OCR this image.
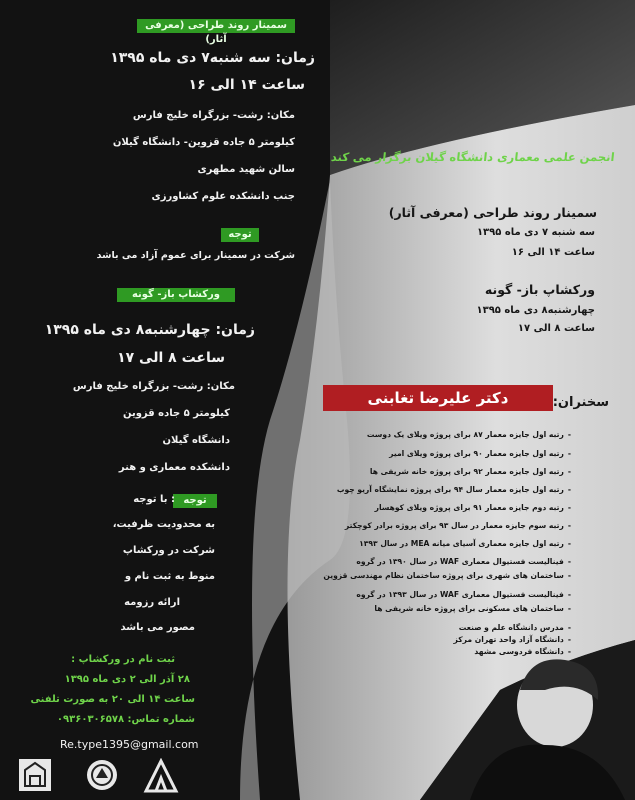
سمینار روند طراحی (معرفی آثار)
زمان: سه شنبه۷ دی ماه ۱۳۹۵
ساعت ۱۴ الی ۱۶
مکان: رشت- بزرگراه خلیج فارس
کیلومتر ۵ جاده قزوین- دانشگاه گیلان
سالن شهید مطهری
جنب دانشکده علوم کشاورزی
توجه
شرکت در سمینار برای عموم آزاد می باشد
ورکشاپ باز- گونه
زمان: چهارشنبه۸ دی ماه ۱۳۹۵
ساعت ۸ الی ۱۷
مکان: رشت- بزرگراه خلیج فارس
کیلومتر ۵ جاده قزوین
دانشگاه گیلان
دانشکده معماری و هنر
توجه
: با توجه
به محدودیت ظرفیت،
شرکت در ورکشاپ
منوط به ثبت نام و
ارائه رزومه
مصور می باشد
ثبت نام در ورکشاپ :
۲۸ آذر الی ۲ دی ماه ۱۳۹۵
ساعت ۱۴ الی ۲۰ به صورت تلفنی
شماره تماس: ۰۹۳۶۰۳۰۶۵۷۸
Re.type1395@gmail.com
انجمن علمی معماری دانشگاه گیلان برگزار می کند
سمینار روند طراحی (معرفی آثار)
سه شنبه ۷ دی ماه ۱۳۹۵
ساعت ۱۴ الی ۱۶
ورکشاپ باز- گونه
چهارشنبه۸ دی ماه ۱۳۹۵
ساعت ۸ الی ۱۷
سخنران:
دکتر علیرضا تغابنی
- رتبه اول جایزه معمار ۸۷ برای پروژه ویلای یک دوست
- رتبه اول جایزه معمار ۹۰ برای پروژه ویلای امیر
- رتبه اول جایزه معمار ۹۲ برای پروژه خانه شریفی ها
- رتبه اول جایزه معمار سال ۹۴ برای پروژه نمایشگاه آریو چوب
- رتبه دوم جایزه معمار ۹۱ برای پروژه ویلای کوهسار
- رتبه سوم جایزه معمار در سال ۹۳ برای پروژه برادر کوچکتر
- رتبه اول جایزه معماری آسیای میانه MEA در سال ۱۳۹۳
- فینالیست فستیوال معماری WAF در سال ۱۳۹۰ در گروه
- ساختمان های شهری برای پروژه ساختمان نظام مهندسی قزوین
- فینالیست فستیوال معماری WAF در سال ۱۳۹۳ در گروه
- ساختمان های مسکونی برای پروژه خانه شریفی ها
- مدرس دانشگاه علم و صنعت
- دانشگاه آزاد واحد تهران مرکز
- دانشگاه فردوسی مشهد
